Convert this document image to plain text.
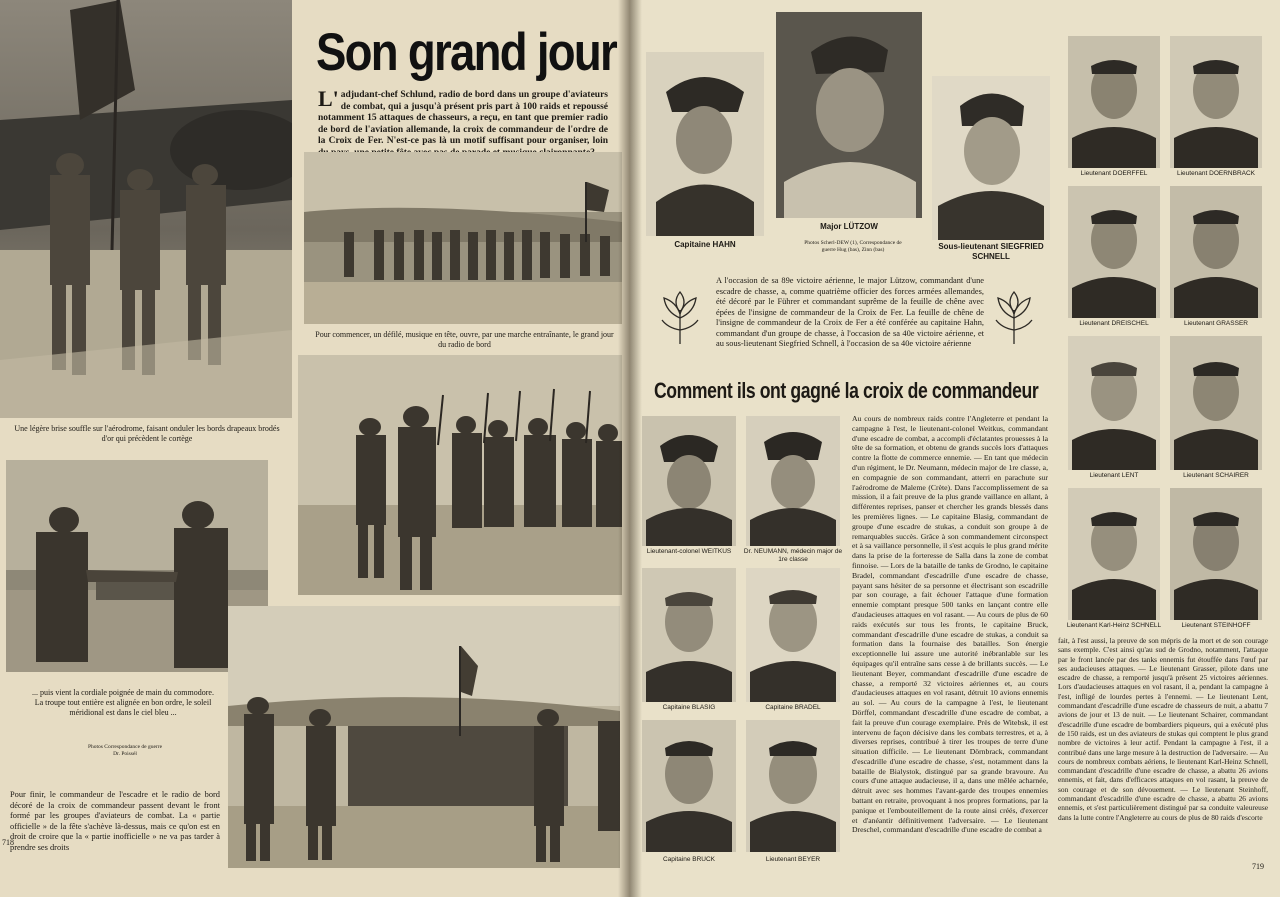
Une légère brise souffle sur l'aérodrome, faisant onduler les bords drapeaux brodés d'or qui précèdent le cortège
Son grand jour
L'adjudant-chef Schlund, radio de bord dans un groupe d'aviateurs de combat, qui a jusqu'à présent pris part à 100 raids et repoussé notamment 15 attaques de chasseurs, a reçu, en tant que premier radio de bord de l'aviation allemande, la croix de commandeur de l'ordre de la Croix de Fer. N'est-ce pas là un motif suffisant pour organiser, loin
Pour commencer, un défilé, musique en tête, ouvre, par une marche entraînante, le grand jour du radio de bord
... puis vient la cordiale poignée de main du commodore. La troupe tout entière est alignée en bon ordre, le soleil méridional est dans le ciel bleu ...
Photos Correspondance de guerre Dr. Poissél
Pour finir, le commandeur de l'escadre et le radio de bord décoré de la croix de commandeur passent devant le front formé par les groupes d'aviateurs de combat. La « partie officielle » de la fête s'achève là-dessus, mais ce qu'on est en droit de croire que la « partie inofficielle » ne va pas tarder à prendre ses droits
718
Capitaine HAHN
Major LÜTZOW
Photos Scherl-DEW (1), Correspondance de guerre Hug (bas), Zinn (bas)	Sous-lieutenant SIEGFRIED SCHNELL
A l'occasion de sa 89e victoire aérienne, le major Lützow, commandant d'une escadre de chasse, a, comme quatrième officier des forces armées allemandes, été décoré par le Führer et commandant suprême de la feuille de chêne avec épées de l'insigne de commandeur de la Croix de Fer. La feuille de chêne de l'insigne de commandeur de la Croix de Fer a été conférée au capitaine Hahn, commandant d'un groupe de chasse, à l'occasion de sa 40e victoire aérienne, et au sous-lieutenant Siegfried Schnell, à l'occasion de sa 40e victoire aérienne
Comment ils ont gagné la croix de commandeur
Lieutenant-colonel WEITKUS	Dr. NEUMANN, médecin major de 1re classe
Capitaine BLASIG	Capitaine BRADEL
Capitaine BRUCK	Lieutenant BEYER
Au cours de nombreux raids contre l'Angleterre et pendant la campagne à l'est, le lieutenant-colonel Weitkus, commandant d'une escadre de combat, a accompli d'éclatantes prouesses à la tête de sa formation, et obtenu de grands succès lors d'attaques contre la flotte de commerce ennemie. — En tant que médecin d'un régiment, le Dr. Neumann, médecin major de 1re classe, a, en compagnie de son commandant, atterri en parachute sur l'aérodrome de Maleme (Crète). Dans l'accomplissement de sa mission, il a fait preuve de la plus grande vaillance en allant, à différentes reprises, panser et chercher les grands blessés dans les premières lignes. — Le capitaine Blasig, commandant de groupe d'une escadre de stukas, a conduit son groupe à de remarquables succès. Grâce à son commandement circonspect et à sa vaillance personnelle, il s'est acquis le plus grand mérite dans la prise de la forteresse de Salla dans la zone de combat finnoise. — Lors de la bataille de tanks de Grodno, le capitaine Bradel, commandant d'escadrille d'une escadre de chasse, payant sans hésiter de sa personne et électrisant son escadrille par son courage, a fait échouer l'attaque d'une formation ennemie comptant presque 500 tanks en lançant contre elle d'audacieuses attaques en vol rasant. — Au cours de plus de 60 raids exécutés sur tous les fronts, le capitaine Bruck, commandant d'escadrille d'une escadre de stukas, a conduit sa formation dans la fournaise des batailles. Son énergie exceptionnelle lui assure une autorité inébranlable sur les équipages qu'il entraîne sans cesse à de brillants succès. — Le lieutenant Beyer, commandant d'escadrille d'une escadre de chasse, a remporté 32 victoires aériennes et, au cours d'audacieuses attaques en vol rasant, détruit 10 avions ennemis au sol. — Au cours de la campagne à l'est, le lieutenant Dörffel, commandant d'escadrille d'une escadre de combat, a fait la preuve d'un courage exemplaire. Près de Witebsk, il est intervenu de façon décisive dans les combats terrestres, et a, à diverses reprises, contribué à tirer les troupes de terre d'une situation difficile. — Le lieutenant Dörnbrack, commandant d'escadrille d'une escadre de chasse, s'est, notamment dans la bataille de Bialystok, distingué par sa grande bravoure. Au cours d'une attaque audacieuse, il a, dans une mêlée acharnée, détruit avec ses hommes l'avant-garde des troupes ennemies battant en retraite, provoquant à nos propres formations, par la panique et l'embouteillement de la route ainsi créés, d'exercer et d'anéantir définitivement l'adversaire. — Le lieutenant Dreschel, commandant d'escadrille d'une escadre de combat a
Lieutenant DOERFFEL	Lieutenant DOERNBRACK
Lieutenant DREISCHEL	Lieutenant GRASSER
Lieutenant LENT	Lieutenant SCHAIRER
Lieutenant Karl-Heinz SCHNELL	Lieutenant STEINHOFF
fait, à l'est aussi, la preuve de son mépris de la mort et de son courage sans exemple. C'est ainsi qu'au sud de Grodno, notamment, l'attaque par le front lancée par des tanks ennemis fut étouffée dans l'œuf par ses audacieuses attaques. — Le lieutenant Grasser, pilote dans une escadre de chasse, a remporté jusqu'à présent 25 victoires aériennes. Lors d'audacieuses attaques en vol rasant, il a, pendant la campagne à l'est, infligé de lourdes pertes à l'ennemi. — Le lieutenant Lent, commandant d'escadrille d'une escadre de chasseurs de nuit, a abattu 7 avions de jour et 13 de nuit. — Le lieutenant Schairer, commandant d'escadrille d'une escadre de bombardiers piqueurs, qui a exécuté plus de 150 raids, est un des aviateurs de stukas qui comptent le plus grand nombre de victoires à leur actif. Pendant la campagne à l'est, il a contribué dans une large mesure à la destruction de l'adversaire. — Au cours de nombreux combats aériens, le lieutenant Karl-Heinz Schnell, commandant d'escadrille d'une escadre de chasse, a abattu 26 avions ennemis, et fait, dans d'efficaces attaques en vol rasant, la preuve de son courage et de son dévouement. — Le lieutenant Steinhoff, commandant d'escadrille d'une escadre de chasse, a abattu 26 avions ennemis, et s'est particulièrement distingué par sa conduite valeureuse dans la lutte contre l'Angleterre au cours de plus de 80 raids d'escorte
719
